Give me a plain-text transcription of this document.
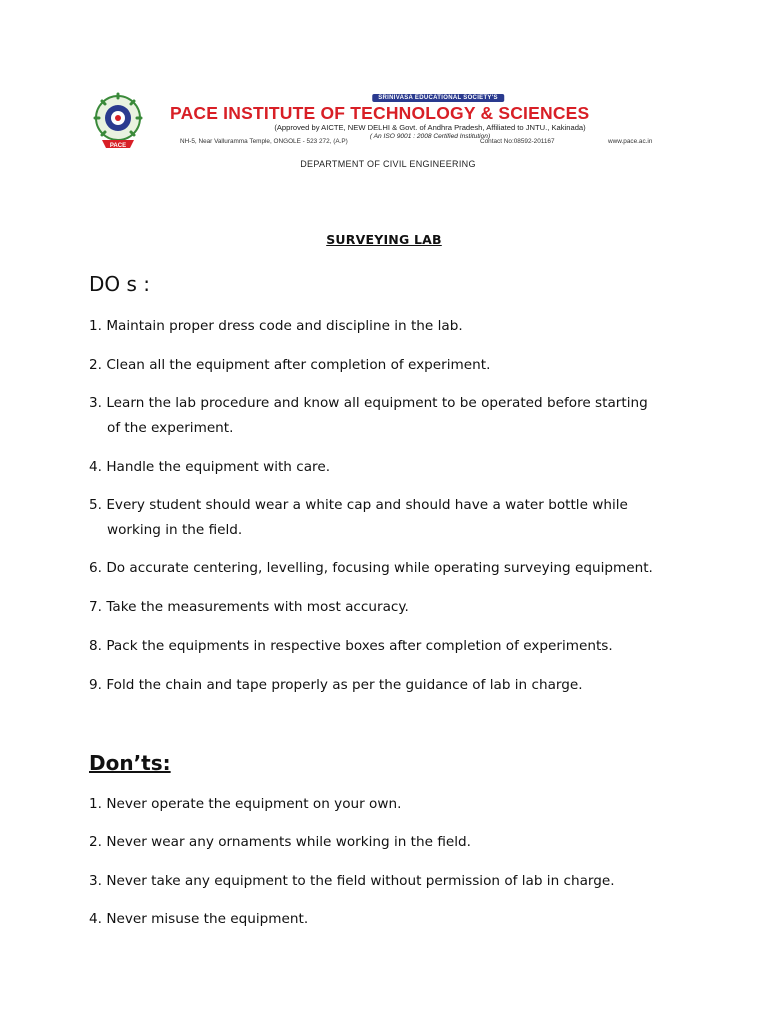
PACE
SRINIVASA EDUCATIONAL SOCIETY'S
PACE INSTITUTE OF TECHNOLOGY & SCIENCES
(Approved by AICTE, NEW DELHI & Govt. of Andhra Pradesh, Affiliated to JNTU., Kakinada)
( An ISO 9001 : 2008 Certified Institution)
NH-5, Near Valluramma Temple, ONGOLE - 523 272, (A.P)	Contact No:08592-201167	www.pace.ac.in
DEPARTMENT OF CIVIL ENGINEERING
SURVEYING LAB
DO s :
1. Maintain proper dress code and discipline in the lab.
2. Clean all the equipment after completion of experiment.
3. Learn the lab procedure and know all equipment to be operated before starting
of the experiment.
4. Handle the equipment with care.
5. Every student should wear a white cap and should have a water bottle while
working in the field.
6. Do accurate centering, levelling, focusing while operating surveying equipment.
7. Take the measurements with most accuracy.
8. Pack the equipments in respective boxes after completion of experiments.
9. Fold the chain and tape properly as per the guidance of lab in charge.
Don’ts:
1. Never operate the equipment on your own.
2. Never wear any ornaments while working in the field.
3. Never take any equipment to the field without permission of lab in charge.
4. Never misuse the equipment.
